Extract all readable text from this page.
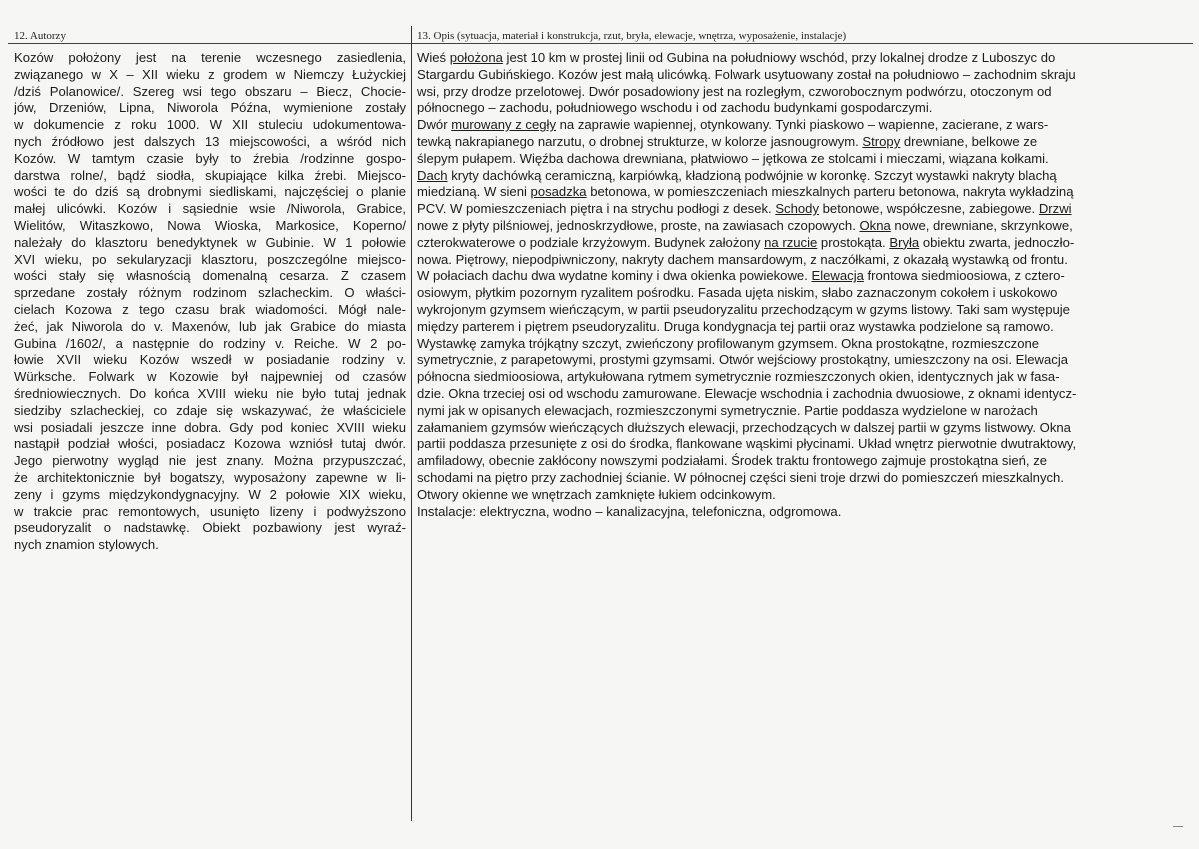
12. Autorzy	13. Opis (sytuacja, materiał i konstrukcja, rzut, bryła, elewacje, wnętrza, wyposażenie, instalacje)
Kozów położony jest na terenie wczesnego zasiedlenia,
związanego w X – XII wieku z grodem w Niemczy Łużyckiej
/dziś Polanowice/. Szereg wsi tego obszaru – Biecz, Chocie-
jów, Drzeniów, Lipna, Niworola Późna, wymienione zostały
w dokumencie z roku 1000. W XII stuleciu udokumentowa-
nych źródłowo jest dalszych 13 miejscowości, a wśród nich
Kozów. W tamtym czasie były to źrebia /rodzinne gospo-
darstwa rolne/, bądź siodła, skupiające kilka źrebi. Miejsco-
wości te do dziś są drobnymi siedliskami, najczęściej o planie
małej ulicówki. Kozów i sąsiednie wsie /Niworola, Grabice,
Wielitów, Witaszkowo, Nowa Wioska, Markosice, Koperno/
należały do klasztoru benedyktynek w Gubinie. W 1 połowie
XVI wieku, po sekularyzacji klasztoru, poszczególne miejsco-
wości stały się własnością domenalną cesarza. Z czasem
sprzedane zostały różnym rodzinom szlacheckim. O właści-
cielach Kozowa z tego czasu brak wiadomości. Mógł nale-
żeć, jak Niworola do v. Maxenów, lub jak Grabice do miasta
Gubina /1602/, a następnie do rodziny v. Reiche. W 2 po-
łowie XVII wieku Kozów wszedł w posiadanie rodziny v.
Würksche. Folwark w Kozowie był najpewniej od czasów
średniowiecznych. Do końca XVIII wieku nie było tutaj jednak
siedziby szlacheckiej, co zdaje się wskazywać, że właściciele
wsi posiadali jeszcze inne dobra. Gdy pod koniec XVIII wieku
nastąpił podział włości, posiadacz Kozowa wzniósł tutaj dwór.
Jego pierwotny wygląd nie jest znany. Można przypuszczać,
że architektonicznie był bogatszy, wyposażony zapewne w li-
zeny i gzyms międzykondygnacyjny. W 2 połowie XIX wieku,
w trakcie prac remontowych, usunięto lizeny i podwyższono
pseudoryzalit o nadstawkę. Obiekt pozbawiony jest wyraź-
nych znamion stylowych.
Wieś położona jest 10 km w prostej linii od Gubina na południowy wschód, przy lokalnej drodze z Luboszyc do
Stargardu Gubińskiego. Kozów jest małą ulicówką. Folwark usytuowany został na południowo – zachodnim skraju
wsi, przy drodze przelotowej. Dwór posadowiony jest na rozległym, czworobocznym podwórzu, otoczonym od
północnego – zachodu, południowego wschodu i od zachodu budynkami gospodarczymi.
Dwór murowany z cegły na zaprawie wapiennej, otynkowany. Tynki piaskowo – wapienne, zacierane, z wars-
tewką nakrapianego narzutu, o drobnej strukturze, w kolorze jasnougrowym. Stropy drewniane, belkowe ze
ślepym pułapem. Więźba dachowa drewniana, płatwiowo – jętkowa ze stolcami i mieczami, wiązana kołkami.
Dach kryty dachówką ceramiczną, karpiówką, kładzioną podwójnie w koronkę. Szczyt wystawki nakryty blachą
miedzianą. W sieni posadzka betonowa, w pomieszczeniach mieszkalnych parteru betonowa, nakryta wykładziną
PCV. W pomieszczeniach piętra i na strychu podłogi z desek. Schody betonowe, współczesne, zabiegowe. Drzwi
nowe z płyty pilśniowej, jednoskrzydłowe, proste, na zawiasach czopowych. Okna nowe, drewniane, skrzynkowe,
czterokwaterowe o podziale krzyżowym. Budynek założony na rzucie prostokąta. Bryła obiektu zwarta, jednoczło-
nowa. Piętrowy, niepodpiwniczony, nakryty dachem mansardowym, z naczółkami, z okazałą wystawką od frontu.
W połaciach dachu dwa wydatne kominy i dwa okienka powiekowe. Elewacja frontowa siedmioosiowa, z cztero-
osiowym, płytkim pozornym ryzalitem pośrodku. Fasada ujęta niskim, słabo zaznaczonym cokołem i uskokowo
wykrojonym gzymsem wieńczącym, w partii pseudoryzalitu przechodzącym w gzyms listowy. Taki sam występuje
między parterem i piętrem pseudoryzalitu. Druga kondygnacja tej partii oraz wystawka podzielone są ramowo.
Wystawkę zamyka trójkątny szczyt, zwieńczony profilowanym gzymsem. Okna prostokątne, rozmieszczone
symetrycznie, z parapetowymi, prostymi gzymsami. Otwór wejściowy prostokątny, umieszczony na osi. Elewacja
północna siedmioosiowa, artykułowana rytmem symetrycznie rozmieszczonych okien, identycznych jak w fasa-
dzie. Okna trzeciej osi od wschodu zamurowane. Elewacje wschodnia i zachodnia dwuosiowe, z oknami identycz-
nymi jak w opisanych elewacjach, rozmieszczonymi symetrycznie. Partie poddasza wydzielone w narożach
załamaniem gzymsów wieńczących dłuższych elewacji, przechodzących w dalszej partii w gzyms listwowy. Okna
partii poddasza przesunięte z osi do środka, flankowane wąskimi płycinami. Układ wnętrz pierwotnie dwutraktowy,
amfiladowy, obecnie zakłócony nowszymi podziałami. Środek traktu frontowego zajmuje prostokątna sień, ze
schodami na piętro przy zachodniej ścianie. W północnej części sieni troje drzwi do pomieszczeń mieszkalnych.
Otwory okienne we wnętrzach zamknięte łukiem odcinkowym.
Instalacje: elektryczna, wodno – kanalizacyjna, telefoniczna, odgromowa.
